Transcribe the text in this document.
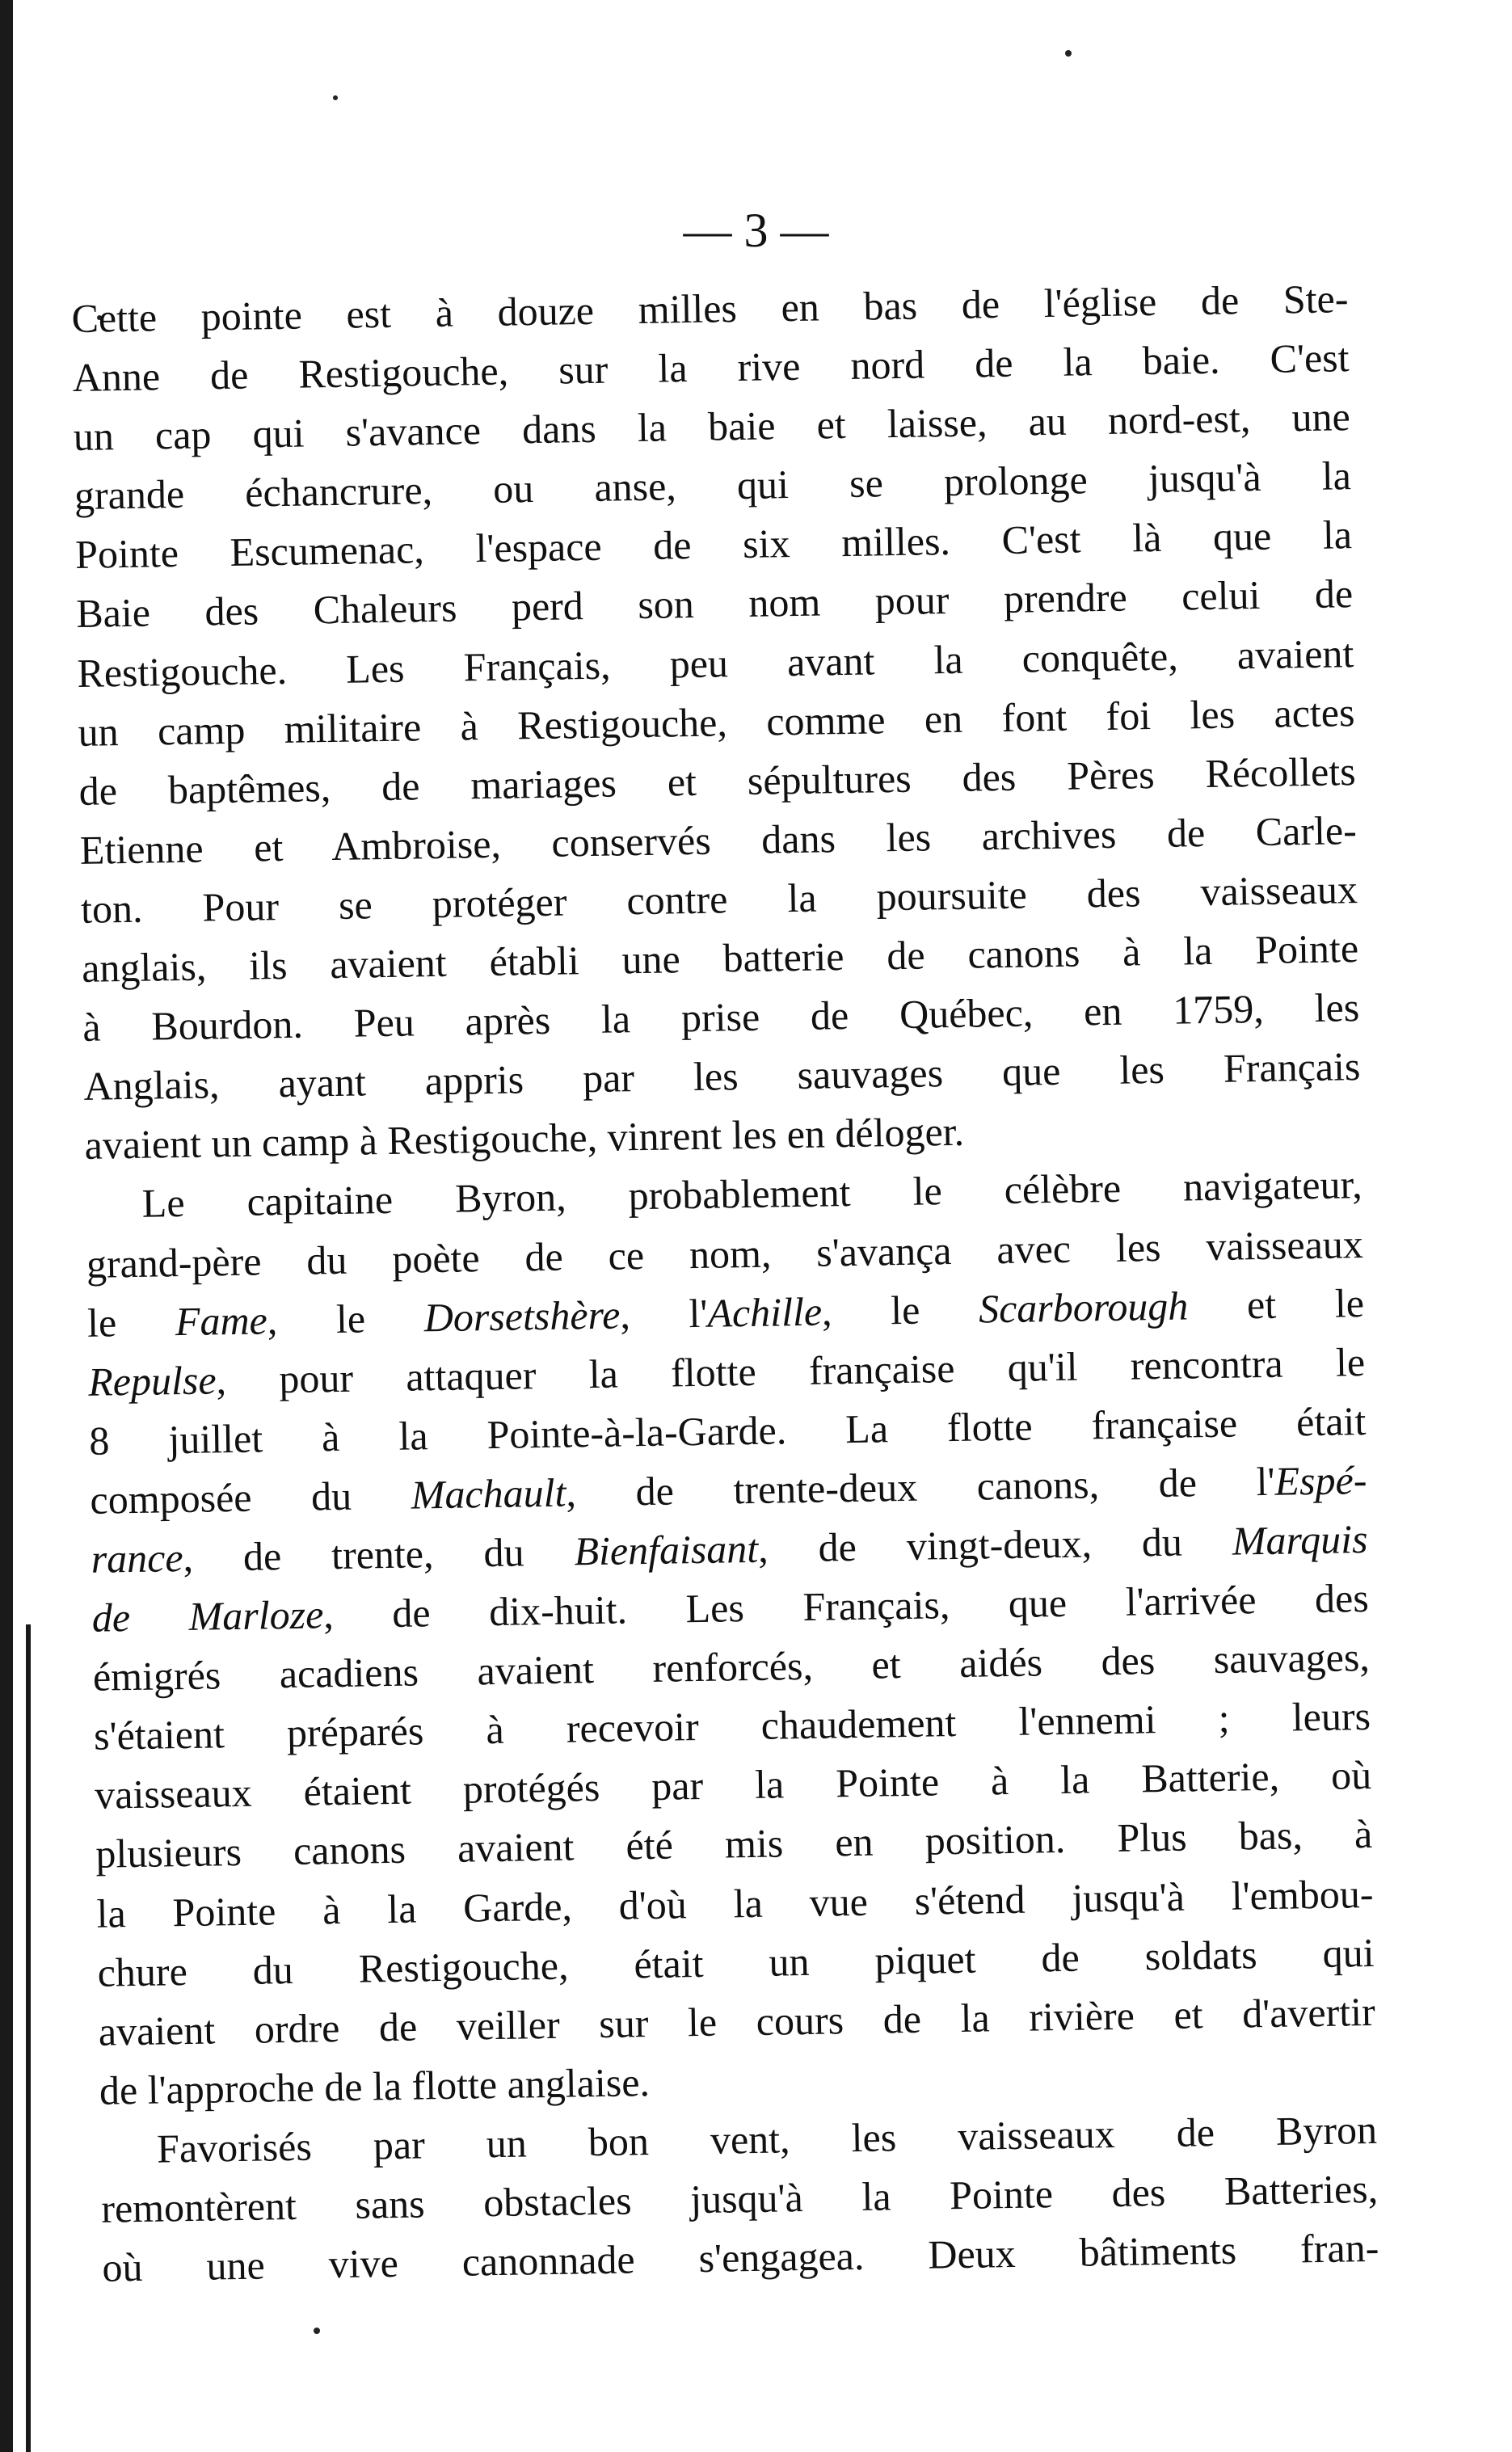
— 3 —
Cette pointe est à douze milles en bas de l'église de Ste-
Anne de Restigouche, sur la rive nord de la baie. C'est
un cap qui s'avance dans la baie et laisse, au nord-est, une
grande échancrure, ou anse, qui se prolonge jusqu'à la
Pointe Escumenac, l'espace de six milles. C'est là que la
Baie des Chaleurs perd son nom pour prendre celui de
Restigouche. Les Français, peu avant la conquête, avaient
un camp militaire à Restigouche, comme en font foi les actes
de baptêmes, de mariages et sépultures des Pères Récollets
Etienne et Ambroise, conservés dans les archives de Carle-
ton. Pour se protéger contre la poursuite des vaisseaux
anglais, ils avaient établi une batterie de canons à la Pointe
à Bourdon. Peu après la prise de Québec, en 1759, les
Anglais, ayant appris par les sauvages que les Français
avaient un camp à Restigouche, vinrent les en déloger.
Le capitaine Byron, probablement le célèbre navigateur,
grand-père du poète de ce nom, s'avança avec les vaisseaux
le Fame, le Dorsetshère, l'Achille, le Scarborough et le
Repulse, pour attaquer la flotte française qu'il rencontra le
8 juillet à la Pointe-à-la-Garde. La flotte française était
composée du Machault, de trente-deux canons, de l'Espé-
rance, de trente, du Bienfaisant, de vingt-deux, du Marquis
de Marloze, de dix-huit. Les Français, que l'arrivée des
émigrés acadiens avaient renforcés, et aidés des sauvages,
s'étaient préparés à recevoir chaudement l'ennemi ; leurs
vaisseaux étaient protégés par la Pointe à la Batterie, où
plusieurs canons avaient été mis en position. Plus bas, à
la Pointe à la Garde, d'où la vue s'étend jusqu'à l'embou-
chure du Restigouche, était un piquet de soldats qui
avaient ordre de veiller sur le cours de la rivière et d'avertir
de l'approche de la flotte anglaise.
Favorisés par un bon vent, les vaisseaux de Byron
remontèrent sans obstacles jusqu'à la Pointe des Batteries,
où une vive canonnade s'engagea. Deux bâtiments fran-
